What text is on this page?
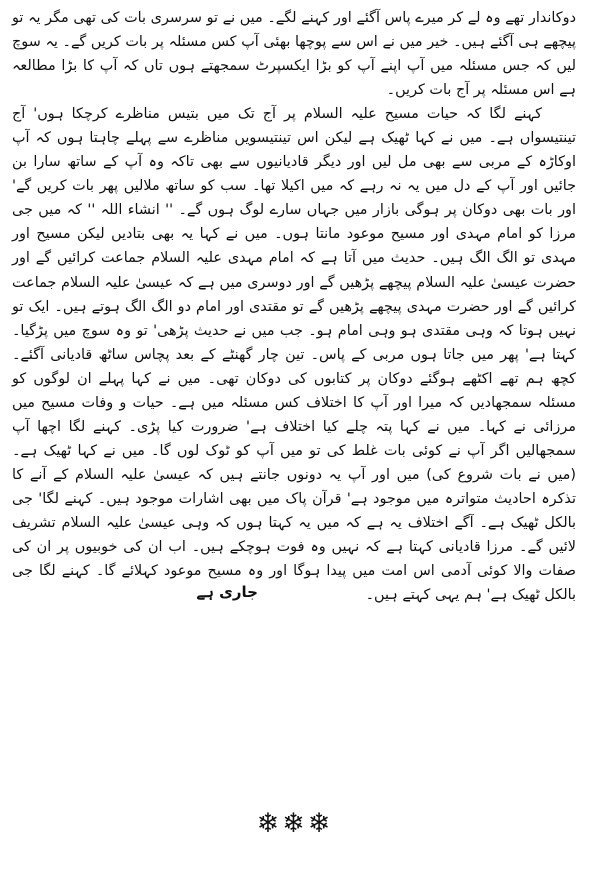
دوکاندار تھے وہ لے کر میرے پاس آگئے اور کہنے لگے۔ میں نے تو سرسری بات کی تھی مگر یہ تو پیچھے ہی آگئے ہیں۔ خیر میں نے اس سے پوچھا بھئی آپ کس مسئلہ پر بات کریں گے۔ یہ سوچ لیں کہ جس مسئلہ میں آپ اپنے آپ کو بڑا ایکسپرٹ سمجھتے ہوں تاں کہ آپ کا بڑا مطالعہ ہے اس مسئلہ پر آج بات کریں۔

کہنے لگا کہ حیات مسیح علیہ السلام پر آج تک میں بتیس مناظرے کرچکا ہوں' آج تینتیسواں ہے۔ میں نے کہا ٹھیک ہے لیکن اس تینتیسویں مناظرے سے پہلے چاہتا ہوں کہ آپ اوکاڑہ کے مربی سے بھی مل لیں اور دیگر قادیانیوں سے بھی تاکہ وہ آپ کے ساتھ سارا بن جائیں اور آپ کے دل میں یہ نہ رہے کہ میں اکیلا تھا۔ سب کو ساتھ ملالیں پھر بات کریں گے' اور بات بھی دوکان پر ہوگی بازار میں جہاں سارے لوگ ہوں گے۔ '' انشاء اللہ '' کہ میں جی مرزا کو امام مہدی اور مسیح موعود مانتا ہوں۔ میں نے کہا یہ بھی بتادیں لیکن مسیح اور مہدی تو الگ الگ ہیں۔ حدیث میں آتا ہے کہ امام مہدی علیہ السلام جماعت کرائیں گے اور حضرت عیسیٰ علیہ السلام پیچھے پڑھیں گے اور دوسری میں ہے کہ عیسیٰ علیہ السلام جماعت کرائیں گے اور حضرت مہدی پیچھے پڑھیں گے تو مقتدی اور امام دو الگ الگ ہوتے ہیں۔ ایک تو نہیں ہوتا کہ وہی مقتدی ہو وہی امام ہو۔ جب میں نے حدیث پڑھی' تو وہ سوچ میں پڑگیا۔ کہتا ہے' پھر میں جاتا ہوں مربی کے پاس۔ تین چار گھنٹے کے بعد پچاس ساٹھ قادیانی آگئے۔ کچھ ہم تھے اکٹھے ہوگئے دوکان پر کتابوں کی دوکان تھی۔ میں نے کہا پہلے ان لوگوں کو مسئلہ سمجھادیں کہ میرا اور آپ کا اختلاف کس مسئلہ میں ہے۔ حیات و وفات مسیح میں مرزائی نے کہا۔ میں نے کہا پتہ چلے کیا اختلاف ہے' ضرورت کیا پڑی۔ کہنے لگا اچھا آپ سمجھالیں اگر آپ نے کوئی بات غلط کی تو میں آپ کو ٹوک لوں گا۔ میں نے کہا ٹھیک ہے۔ (میں نے بات شروع کی) میں اور آپ یہ دونوں جانتے ہیں کہ عیسیٰ علیہ السلام کے آنے کا تذکرہ احادیث متواترہ میں موجود ہے' قرآن پاک میں بھی اشارات موجود ہیں۔ کہنے لگا' جی بالکل ٹھیک ہے۔ آگے اختلاف یہ ہے کہ میں یہ کہتا ہوں کہ وہی عیسیٰ علیہ السلام تشریف لائیں گے۔ مرزا قادیانی کہتا ہے کہ نہیں وہ فوت ہوچکے ہیں۔ اب ان کی خوبیوں پر ان کی صفات والا کوئی آدمی اس امت میں پیدا ہوگا اور وہ مسیح موعود کہلائے گا۔ کہنے لگا جی بالکل ٹھیک ہے' ہم یہی کہتے ہیں۔

جاری ہے
❄❄❄
